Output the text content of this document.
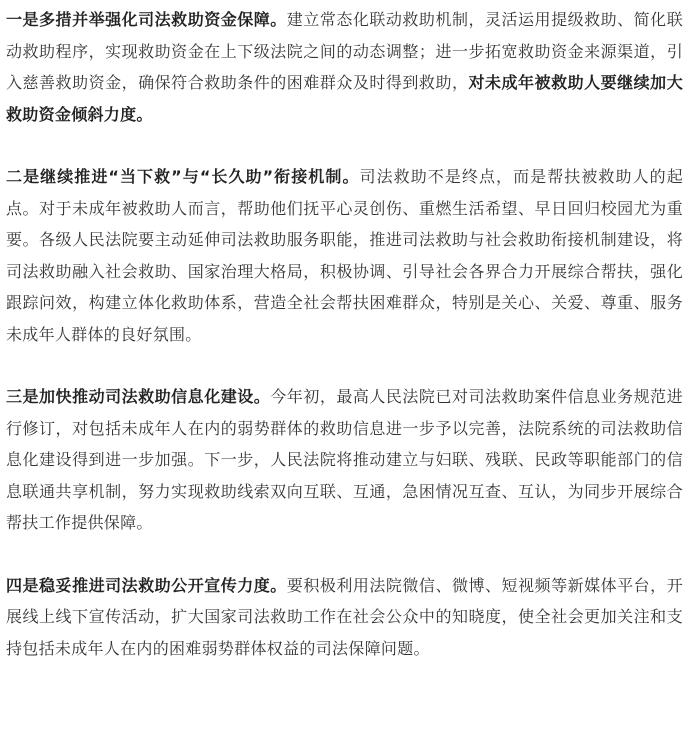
一是多措并举强化司法救助资金保障。建立常态化联动救助机制，灵活运用提级救助、简化联动救助程序，实现救助资金在上下级法院之间的动态调整；进一步拓宽救助资金来源渠道，引入慈善救助资金，确保符合救助条件的困难群众及时得到救助，对未成年被救助人要继续加大救助资金倾斜力度。

二是继续推进“当下救”与“长久助”衔接机制。司法救助不是终点，而是帮扶被救助人的起点。对于未成年被救助人而言，帮助他们抚平心灵创伤、重燃生活希望、早日回归校园尤为重要。各级人民法院要主动延伸司法救助服务职能，推进司法救助与社会救助衔接机制建设，将司法救助融入社会救助、国家治理大格局，积极协调、引导社会各界合力开展综合帮扶，强化跟踪问效，构建立体化救助体系，营造全社会帮扶困难群众，特别是关心、关爱、尊重、服务未成年人群体的良好氛围。

三是加快推动司法救助信息化建设。今年初，最高人民法院已对司法救助案件信息业务规范进行修订，对包括未成年人在内的弱势群体的救助信息进一步予以完善，法院系统的司法救助信息化建设得到进一步加强。下一步，人民法院将推动建立与妇联、残联、民政等职能部门的信息联通共享机制，努力实现救助线索双向互联、互通，急困情况互查、互认，为同步开展综合帮扶工作提供保障。

四是稳妥推进司法救助公开宣传力度。要积极利用法院微信、微博、短视频等新媒体平台，开展线上线下宣传活动，扩大国家司法救助工作在社会公众中的知晓度，使全社会更加关注和支持包括未成年人在内的困难弱势群体权益的司法保障问题。
